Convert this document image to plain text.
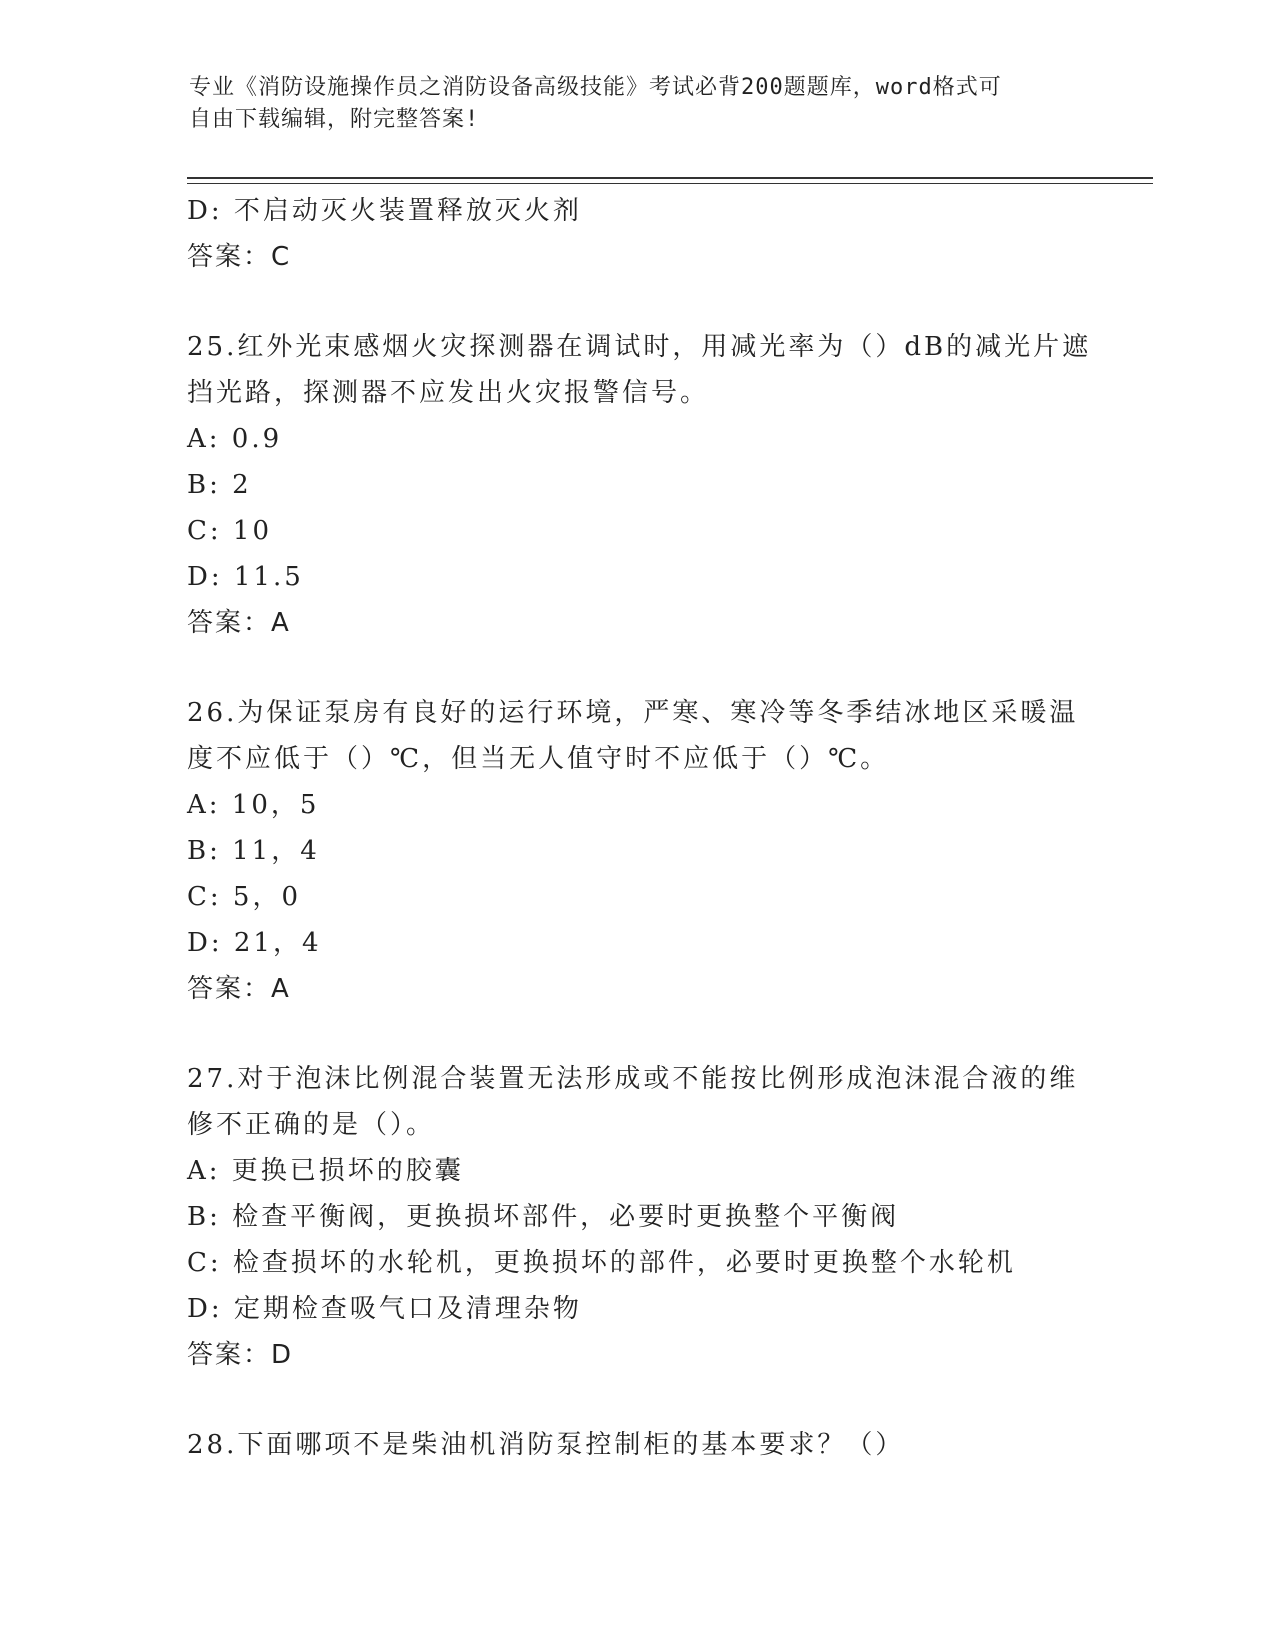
专业《消防设施操作员之消防设备高级技能》考试必背200题题库，word格式可
自由下载编辑，附完整答案!
D: 不启动灭火装置释放灭火剂
答案：C
25.红外光束感烟火灾探测器在调试时，用减光率为（）dB的减光片遮
挡光路，探测器不应发出火灾报警信号。
A: 0.9
B: 2
C: 10
D: 11.5
答案：A
26.为保证泵房有良好的运行环境，严寒、寒冷等冬季结冰地区采暖温
度不应低于（）℃，但当无人值守时不应低于（）℃。
A: 10，5
B: 11，4
C: 5，0
D: 21，4
答案：A
27.对于泡沫比例混合装置无法形成或不能按比例形成泡沫混合液的维
修不正确的是（）。
A: 更换已损坏的胶囊
B: 检查平衡阀，更换损坏部件，必要时更换整个平衡阀
C: 检查损坏的水轮机，更换损坏的部件，必要时更换整个水轮机
D: 定期检查吸气口及清理杂物
答案：D
28.下面哪项不是柴油机消防泵控制柜的基本要求？（）
